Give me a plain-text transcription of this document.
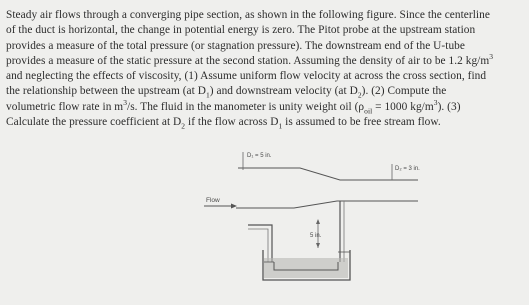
Steady air flows through a converging pipe section, as shown in the following figure. Since the centerline
of the duct is horizontal, the change in potential energy is zero. The Pitot probe at the upstream station
provides a measure of the total pressure (or stagnation pressure). The downstream end of the U-tube
provides a measure of the static pressure at the second station. Assuming the density of air to be 1.2 $kg/m^3$
and neglecting the effects of viscosity, (1) Assume uniform flow velocity at across the cross section, find
the relationship between the upstream (at $D_1$) and downstream velocity (at $D_2$). (2) Compute the
volumetric flow rate in $m^3/s$. The fluid in the manometer is unity weight oil ($\rho_{oil} = 1000$ $kg/m^3$). (3)
Calculate the pressure coefficient at $D_2$ if the flow across $D_1$ is assumed to be free stream flow.
D₁ = 5 in.
D₂ = 3 in.
Flow
5 in.
